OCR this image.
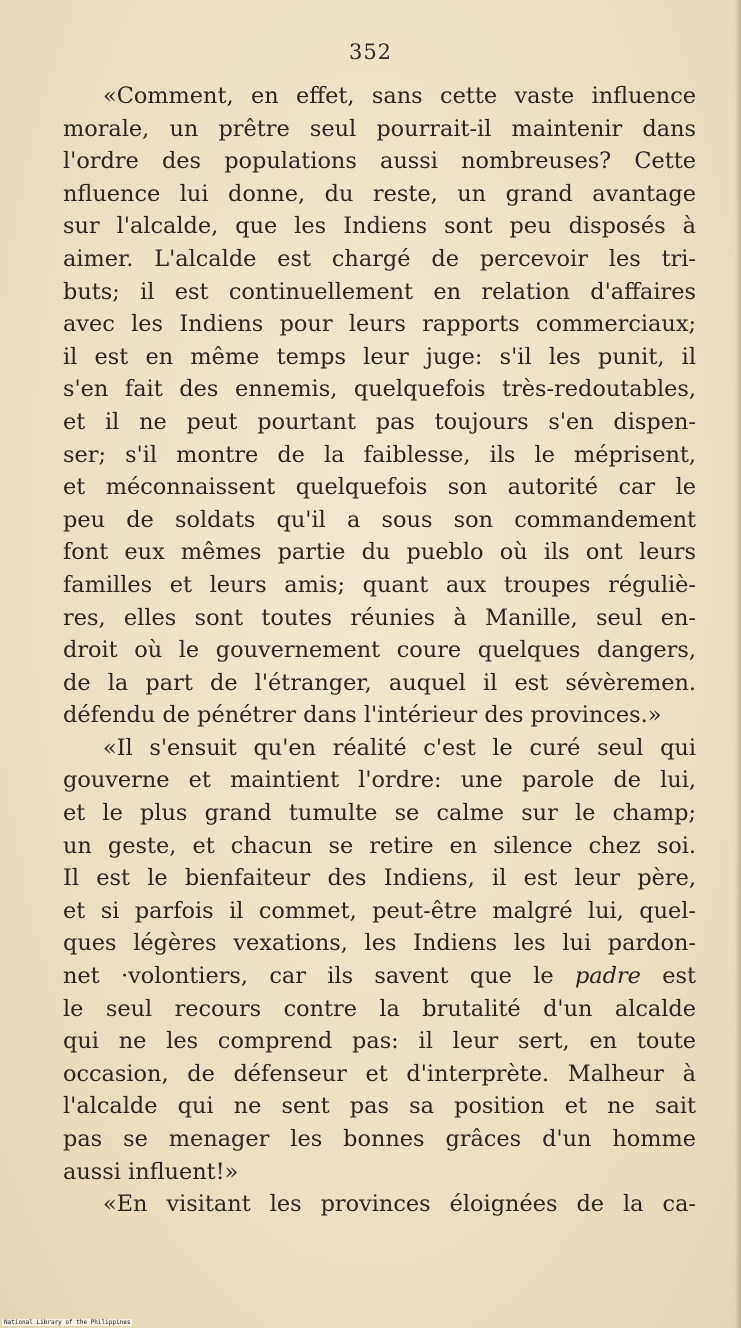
352
«Comment, en effet, sans cette vaste influence
morale, un prêtre seul pourrait-il maintenir dans
l'ordre des populations aussi nombreuses? Cette
nfluence lui donne, du reste, un grand avantage
sur l'alcalde, que les Indiens sont peu disposés à
aimer. L'alcalde est chargé de percevoir les tri-
buts; il est continuellement en relation d'affaires
avec les Indiens pour leurs rapports commerciaux;
il est en même temps leur juge: s'il les punit, il
s'en fait des ennemis, quelquefois très-redoutables,
et il ne peut pourtant pas toujours s'en dispen-
ser; s'il montre de la faiblesse, ils le méprisent,
et méconnaissent quelquefois son autorité car le
peu de soldats qu'il a sous son commandement
font eux mêmes partie du pueblo où ils ont leurs
familles et leurs amis; quant aux troupes réguliè-
res, elles sont toutes réunies à Manille, seul en-
droit où le gouvernement coure quelques dangers,
de la part de l'étranger, auquel il est sévèremen.
défendu de pénétrer dans l'intérieur des provinces.»
«Il s'ensuit qu'en réalité c'est le curé seul qui
gouverne et maintient l'ordre: une parole de lui,
et le plus grand tumulte se calme sur le champ;
un geste, et chacun se retire en silence chez soi.
Il est le bienfaiteur des Indiens, il est leur père,
et si parfois il commet, peut-être malgré lui, quel-
ques légères vexations, les Indiens les lui pardon-
net ·volontiers, car ils savent que le padre est
le seul recours contre la brutalité d'un alcalde
qui ne les comprend pas: il leur sert, en toute
occasion, de défenseur et d'interprète. Malheur à
l'alcalde qui ne sent pas sa position et ne sait
pas se menager les bonnes grâces d'un homme
aussi influent!»
«En visitant les provinces éloignées de la ca-
National Library of the Philippines
